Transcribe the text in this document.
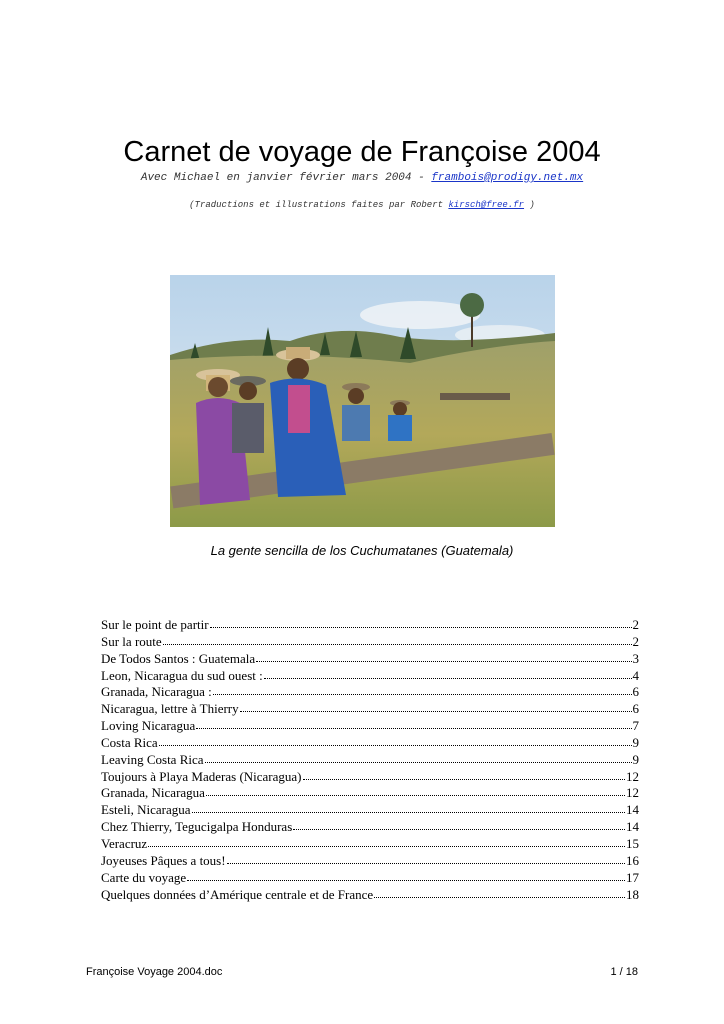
Carnet de voyage de Françoise 2004
Avec Michael en janvier février mars 2004 - frambois@prodigy.net.mx
(Traductions et illustrations faites par Robert kirsch@free.fr )
La gente sencilla de los Cuchumatanes (Guatemala)
Sur le point de partir	2
Sur la route	2
De Todos Santos : Guatemala	3
Leon, Nicaragua du sud ouest :	4
Granada, Nicaragua :	6
Nicaragua, lettre à Thierry	6
Loving Nicaragua	7
Costa Rica	9
Leaving Costa Rica	9
Toujours à Playa Maderas (Nicaragua)	12
Granada, Nicaragua	12
Esteli, Nicaragua	14
Chez Thierry, Tegucigalpa Honduras	14
Veracruz	15
Joyeuses Pâques a tous!	16
Carte du voyage	17
Quelques données d’Amérique centrale et de France	18
Françoise Voyage 2004.doc	1 / 18
